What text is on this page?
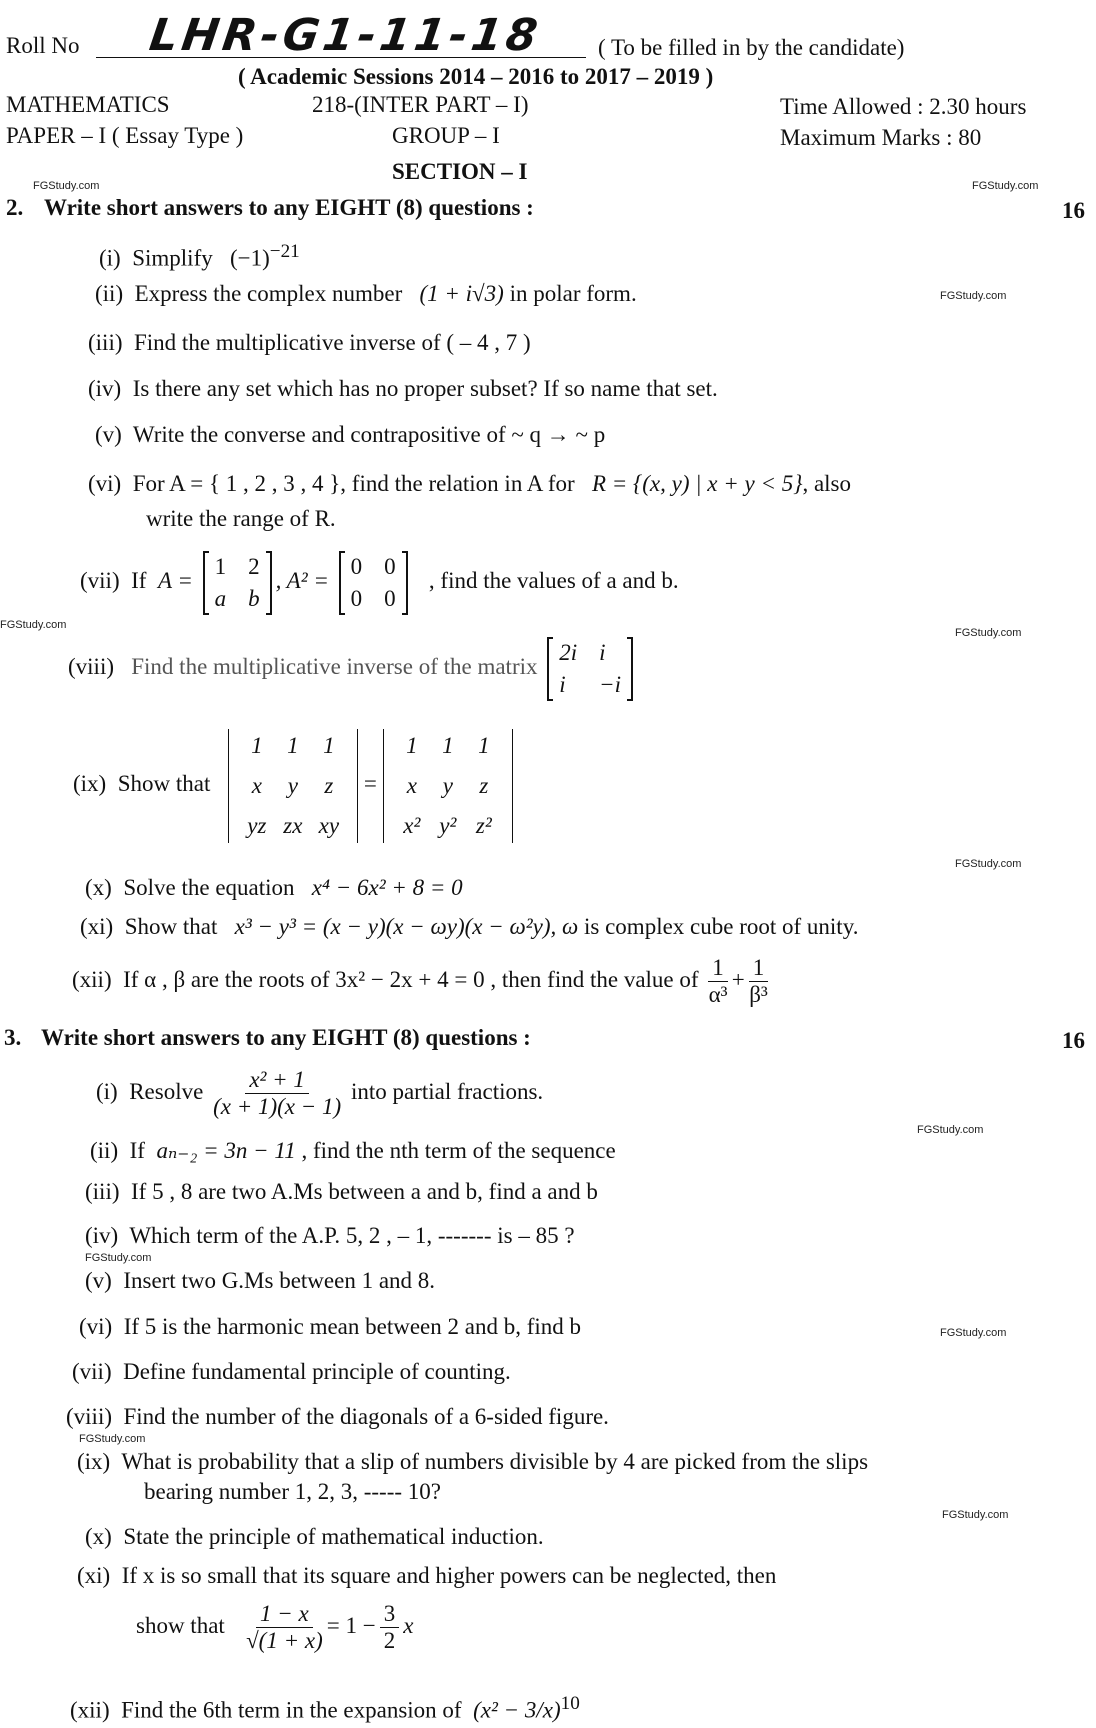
Roll No LHR-G1-11-18 ( To be filled in by the candidate)
( Academic Sessions 2014 – 2016 to 2017 – 2019 )
MATHEMATICS	218-(INTER PART – I)	Time Allowed : 2.30 hours
PAPER – I ( Essay Type )	GROUP – I	Maximum Marks : 80
SECTION – I
FGStudy.com	FGStudy.com
2. Write short answers to any EIGHT (8) questions :	16
(i) Simplify $(-1)^{-21}$
(ii) Express the complex number (1 + i√3) in polar form.	FGStudy.com
(iii) Find the multiplicative inverse of ( – 4 , 7 )
(iv) Is there any set which has no proper subset? If so name that set.
(v) Write the converse and contrapositive of ~ q → ~ p
(vi) For A = { 1 , 2 , 3 , 4 }, find the relation in A for R = {(x, y) | x + y < 5}, also
write the range of R.
(vii) If A =
1 2
a b
, A² =
0 0
0 0
, find the values of a and b.
FGStudy.com
FGStudy.com
(viii) Find the multiplicative inverse of the matrix
2i i
i	−i
(ix) Show that
1	1	1
x	y	z
yz zx xy
=
1	1	1
x	y	z
x² y² z²
FGStudy.com
(x) Solve the equation x⁴ − 6x² + 8 = 0
(xi) Show that x³ − y³ = (x − y)(x − ωy)(x − ω²y), ω is complex cube root of unity.
(xii) If α , β are the roots of 3x² − 2x + 4 = 0 , then find the value of $\frac{1}{\text{α³}} + \frac{1}{\text{β³}}$
3. Write short answers to any EIGHT (8) questions :	16
(i) Resolve $\frac{\text{x² + 1}}{(x + 1)(x - 1)}$ into partial fractions.
FGStudy.com
(ii) If aₙ₋₂ = 3n − 11 , find the nth term of the sequence
(iii) If 5 , 8 are two A.Ms between a and b, find a and b
(iv) Which term of the A.P. 5, 2 , – 1, ------- is – 85 ?
FGStudy.com
(v) Insert two G.Ms between 1 and 8.
(vi) If 5 is the harmonic mean between 2 and b, find b	FGStudy.com
(vii) Define fundamental principle of counting.
(viii) Find the number of the diagonals of a 6-sided figure.
FGStudy.com
(ix) What is probability that a slip of numbers divisible by 4 are picked from the slips
bearing number 1, 2, 3, ----- 10?
FGStudy.com
(x) State the principle of mathematical induction.
(xi) If x is so small that its square and higher powers can be neglected, then
show that $\frac{1 - x}{√(1 + x)} = 1 - \frac{3}{2}$ x
(xii) Find the 6th term in the expansion of $(x^2 - 3/x)^{10}$
